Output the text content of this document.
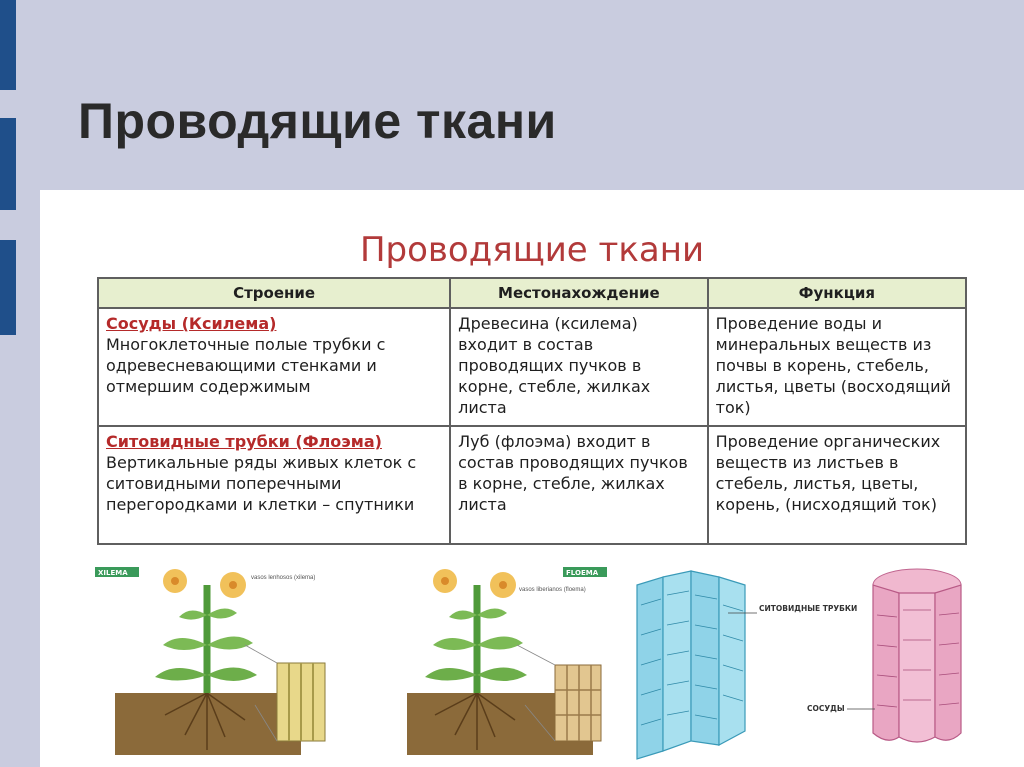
Проводящие ткани
Проводящие ткани
Строение	Местонахождение	Функция

Сосуды (Ксилема)
Многоклеточные полые трубки с одревесневающими стенками и отмершим содержимым	Древесина (ксилема) входит в состав проводящих пучков в корне, стебле, жилках листа	Проведение воды и минеральных веществ из почвы в корень, стебель, листья, цветы (восходящий ток)

Ситовидные трубки (Флоэма)
Вертикальные ряды живых клеток с ситовидными поперечными перегородками и клетки – спутники	Луб (флоэма) входит в состав проводящих пучков в корне, стебле, жилках листа	Проведение органических веществ из листьев в стебель, листья, цветы, корень, (нисходящий ток)
XILEMA
vasos lenhosos (xilema)
FLOEMA
vasos liberianos (floema)
СИТОВИДНЫЕ ТРУБКИ
СОСУДЫ
